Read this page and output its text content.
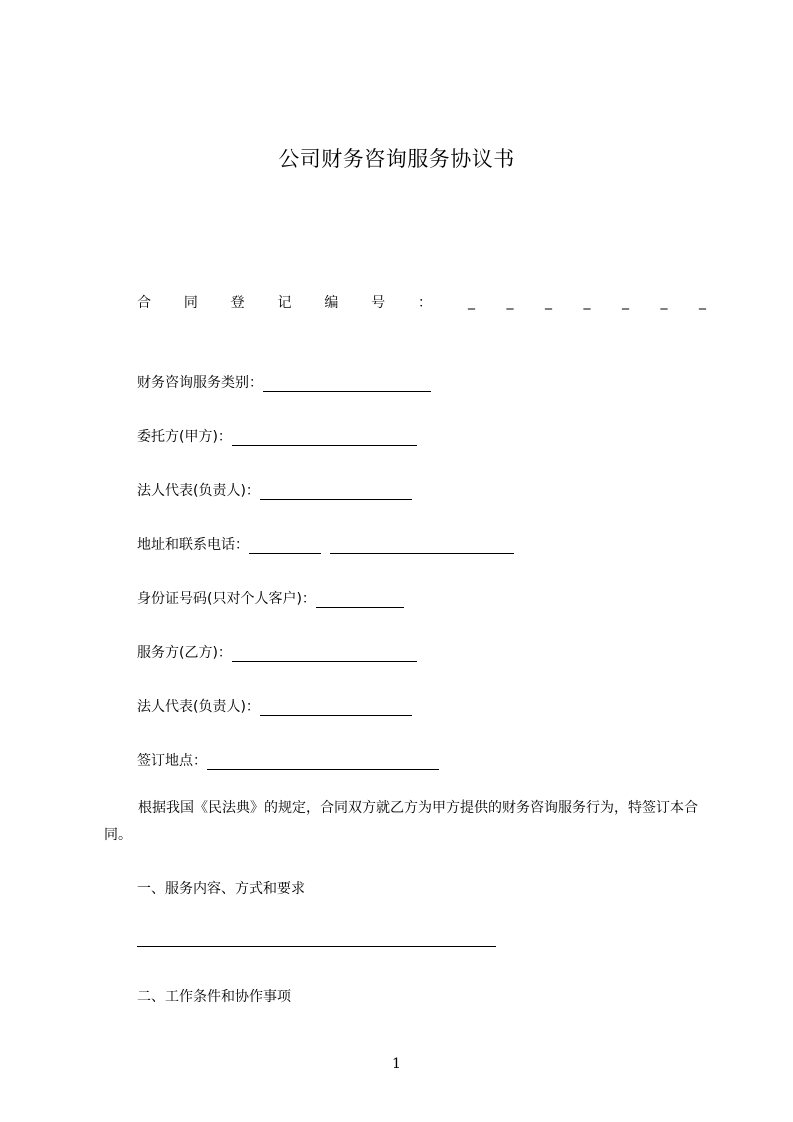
公司财务咨询服务协议书
合 同 登 记 编 号 ：	_ _ _ _ _ _ _
财务咨询服务类别：
委托方(甲方)：
法人代表(负责人)：
地址和联系电话：
身份证号码(只对个人客户)：
服务方(乙方)：
法人代表(负责人)：
签订地点：
根据我国《民法典》的规定，合同双方就乙方为甲方提供的财务咨询服务行为，特签订本合同。
一、服务内容、方式和要求
二、工作条件和协作事项
1
